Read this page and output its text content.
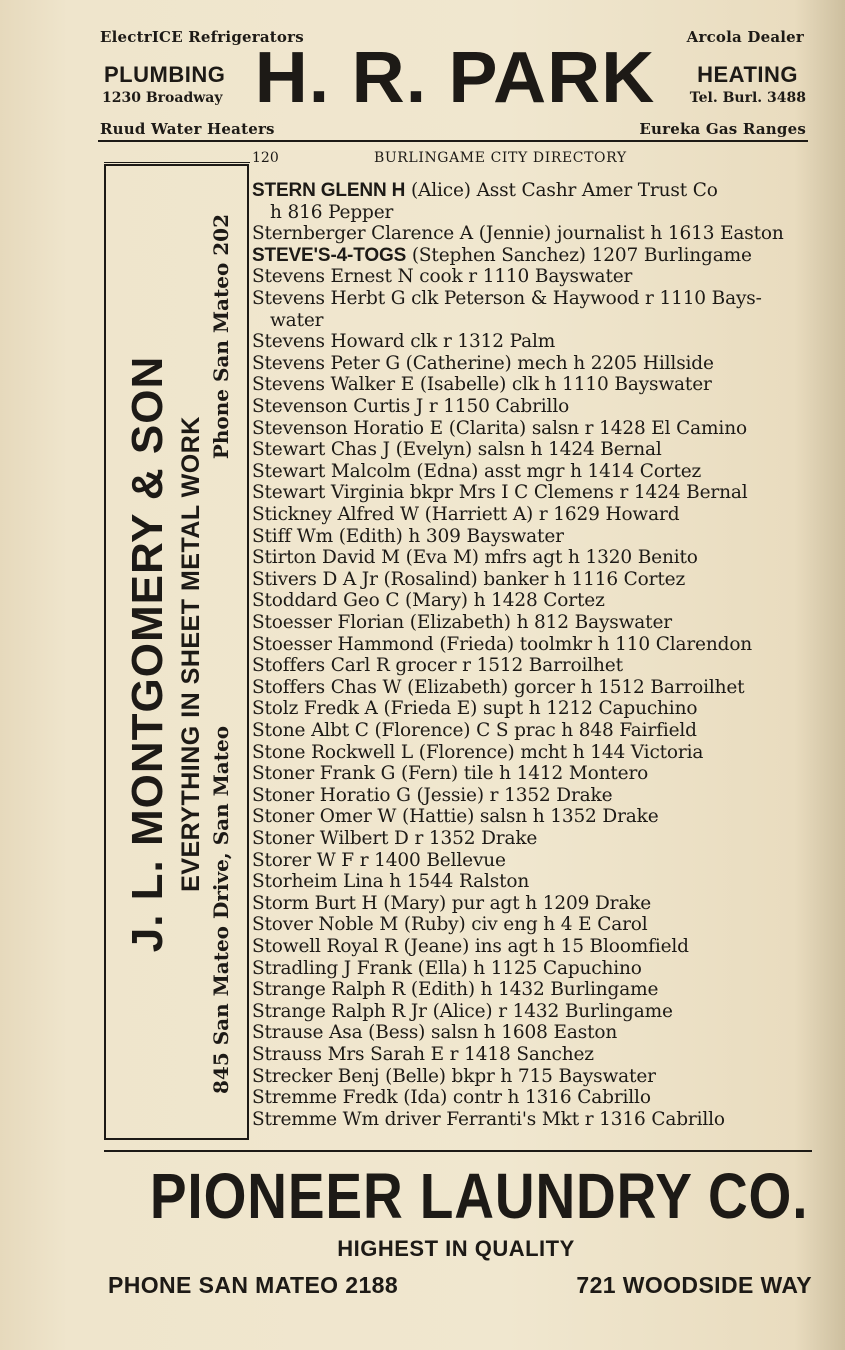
ElectrICE Refrigerators	Arcola Dealer
PLUMBING
1230 Broadway H. R. PARK	HEATING
Tel. Burl. 3488
Ruud Water Heaters	Eureka Gas Ranges
120	BURLINGAME CITY DIRECTORY
J. L. MONTGOMERY & SON EVERYTHING IN SHEET METAL WORK
845 San Mateo Drive, San Mateo
Phone San Mateo 202
STERN GLENN H (Alice) Asst Cashr Amer Trust Co
h 816 Pepper
Sternberger Clarence A (Jennie) journalist h 1613 Easton
STEVE'S-4-TOGS (Stephen Sanchez) 1207 Burlingame
Stevens Ernest N cook r 1110 Bayswater
Stevens Herbt G clk Peterson & Haywood r 1110 Bays-
water
Stevens Howard clk r 1312 Palm
Stevens Peter G (Catherine) mech h 2205 Hillside
Stevens Walker E (Isabelle) clk h 1110 Bayswater
Stevenson Curtis J r 1150 Cabrillo
Stevenson Horatio E (Clarita) salsn r 1428 El Camino
Stewart Chas J (Evelyn) salsn h 1424 Bernal
Stewart Malcolm (Edna) asst mgr h 1414 Cortez
Stewart Virginia bkpr Mrs I C Clemens r 1424 Bernal
Stickney Alfred W (Harriett A) r 1629 Howard
Stiff Wm (Edith) h 309 Bayswater
Stirton David M (Eva M) mfrs agt h 1320 Benito
Stivers D A Jr (Rosalind) banker h 1116 Cortez
Stoddard Geo C (Mary) h 1428 Cortez
Stoesser Florian (Elizabeth) h 812 Bayswater
Stoesser Hammond (Frieda) toolmkr h 110 Clarendon
Stoffers Carl R grocer r 1512 Barroilhet
Stoffers Chas W (Elizabeth) gorcer h 1512 Barroilhet
Stolz Fredk A (Frieda E) supt h 1212 Capuchino
Stone Albt C (Florence) C S prac h 848 Fairfield
Stone Rockwell L (Florence) mcht h 144 Victoria
Stoner Frank G (Fern) tile h 1412 Montero
Stoner Horatio G (Jessie) r 1352 Drake
Stoner Omer W (Hattie) salsn h 1352 Drake
Stoner Wilbert D r 1352 Drake
Storer W F r 1400 Bellevue
Storheim Lina h 1544 Ralston
Storm Burt H (Mary) pur agt h 1209 Drake
Stover Noble M (Ruby) civ eng h 4 E Carol
Stowell Royal R (Jeane) ins agt h 15 Bloomfield
Stradling J Frank (Ella) h 1125 Capuchino
Strange Ralph R (Edith) h 1432 Burlingame
Strange Ralph R Jr (Alice) r 1432 Burlingame
Strause Asa (Bess) salsn h 1608 Easton
Strauss Mrs Sarah E r 1418 Sanchez
Strecker Benj (Belle) bkpr h 715 Bayswater
Stremme Fredk (Ida) contr h 1316 Cabrillo
Stremme Wm driver Ferranti's Mkt r 1316 Cabrillo
PIONEER LAUNDRY CO.
HIGHEST IN QUALITY
PHONE SAN MATEO 2188	721 WOODSIDE WAY
